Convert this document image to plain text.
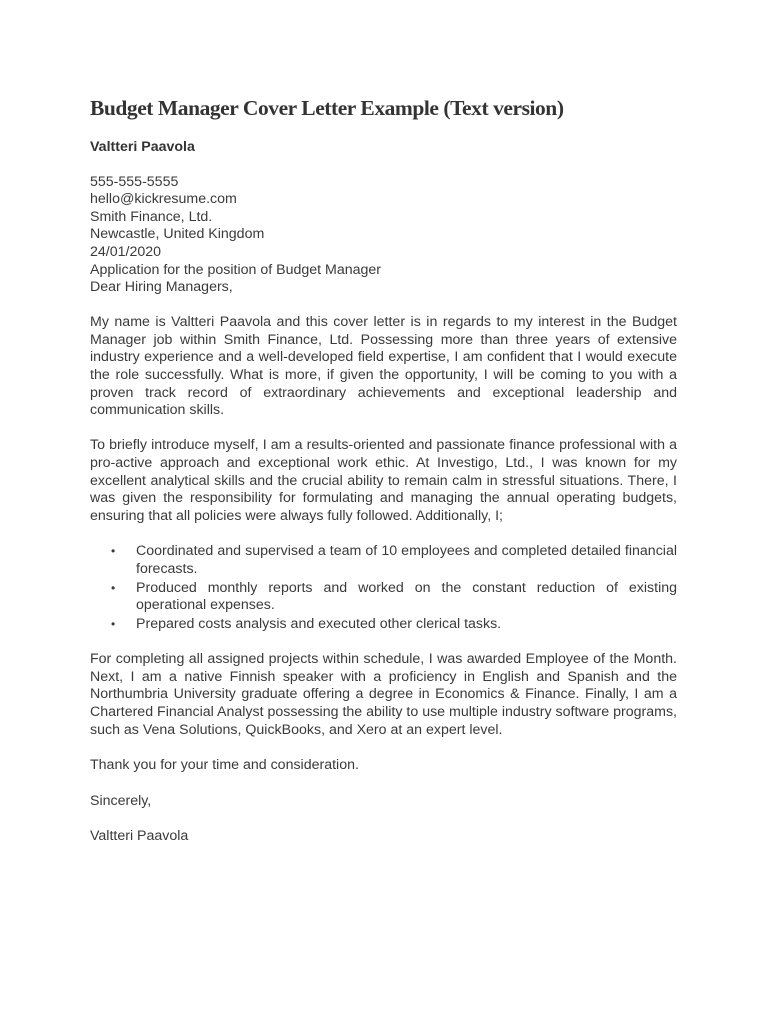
Budget Manager Cover Letter Example (Text version)
Valtteri Paavola
555-555-5555
hello@kickresume.com
Smith Finance, Ltd.
Newcastle, United Kingdom
24/01/2020
Application for the position of Budget Manager
Dear Hiring Managers,

My name is Valtteri Paavola and this cover letter is in regards to my interest in the Budget Manager job within Smith Finance, Ltd. Possessing more than three years of extensive industry experience and a well-developed field expertise, I am confident that I would execute the role successfully. What is more, if given the opportunity, I will be coming to you with a proven track record of extraordinary achievements and exceptional leadership and communication skills.

To briefly introduce myself, I am a results-oriented and passionate finance professional with a pro-active approach and exceptional work ethic. At Investigo, Ltd., I was known for my excellent analytical skills and the crucial ability to remain calm in stressful situations. There, I was given the responsibility for formulating and managing the annual operating budgets, ensuring that all policies were always fully followed. Additionally, I;

• Coordinated and supervised a team of 10 employees and completed detailed financial forecasts.
• Produced monthly reports and worked on the constant reduction of existing operational expenses.
• Prepared costs analysis and executed other clerical tasks.

For completing all assigned projects within schedule, I was awarded Employee of the Month. Next, I am a native Finnish speaker with a proficiency in English and Spanish and the Northumbria University graduate offering a degree in Economics & Finance. Finally, I am a Chartered Financial Analyst possessing the ability to use multiple industry software programs, such as Vena Solutions, QuickBooks, and Xero at an expert level.

Thank you for your time and consideration.
Sincerely,
Valtteri Paavola
